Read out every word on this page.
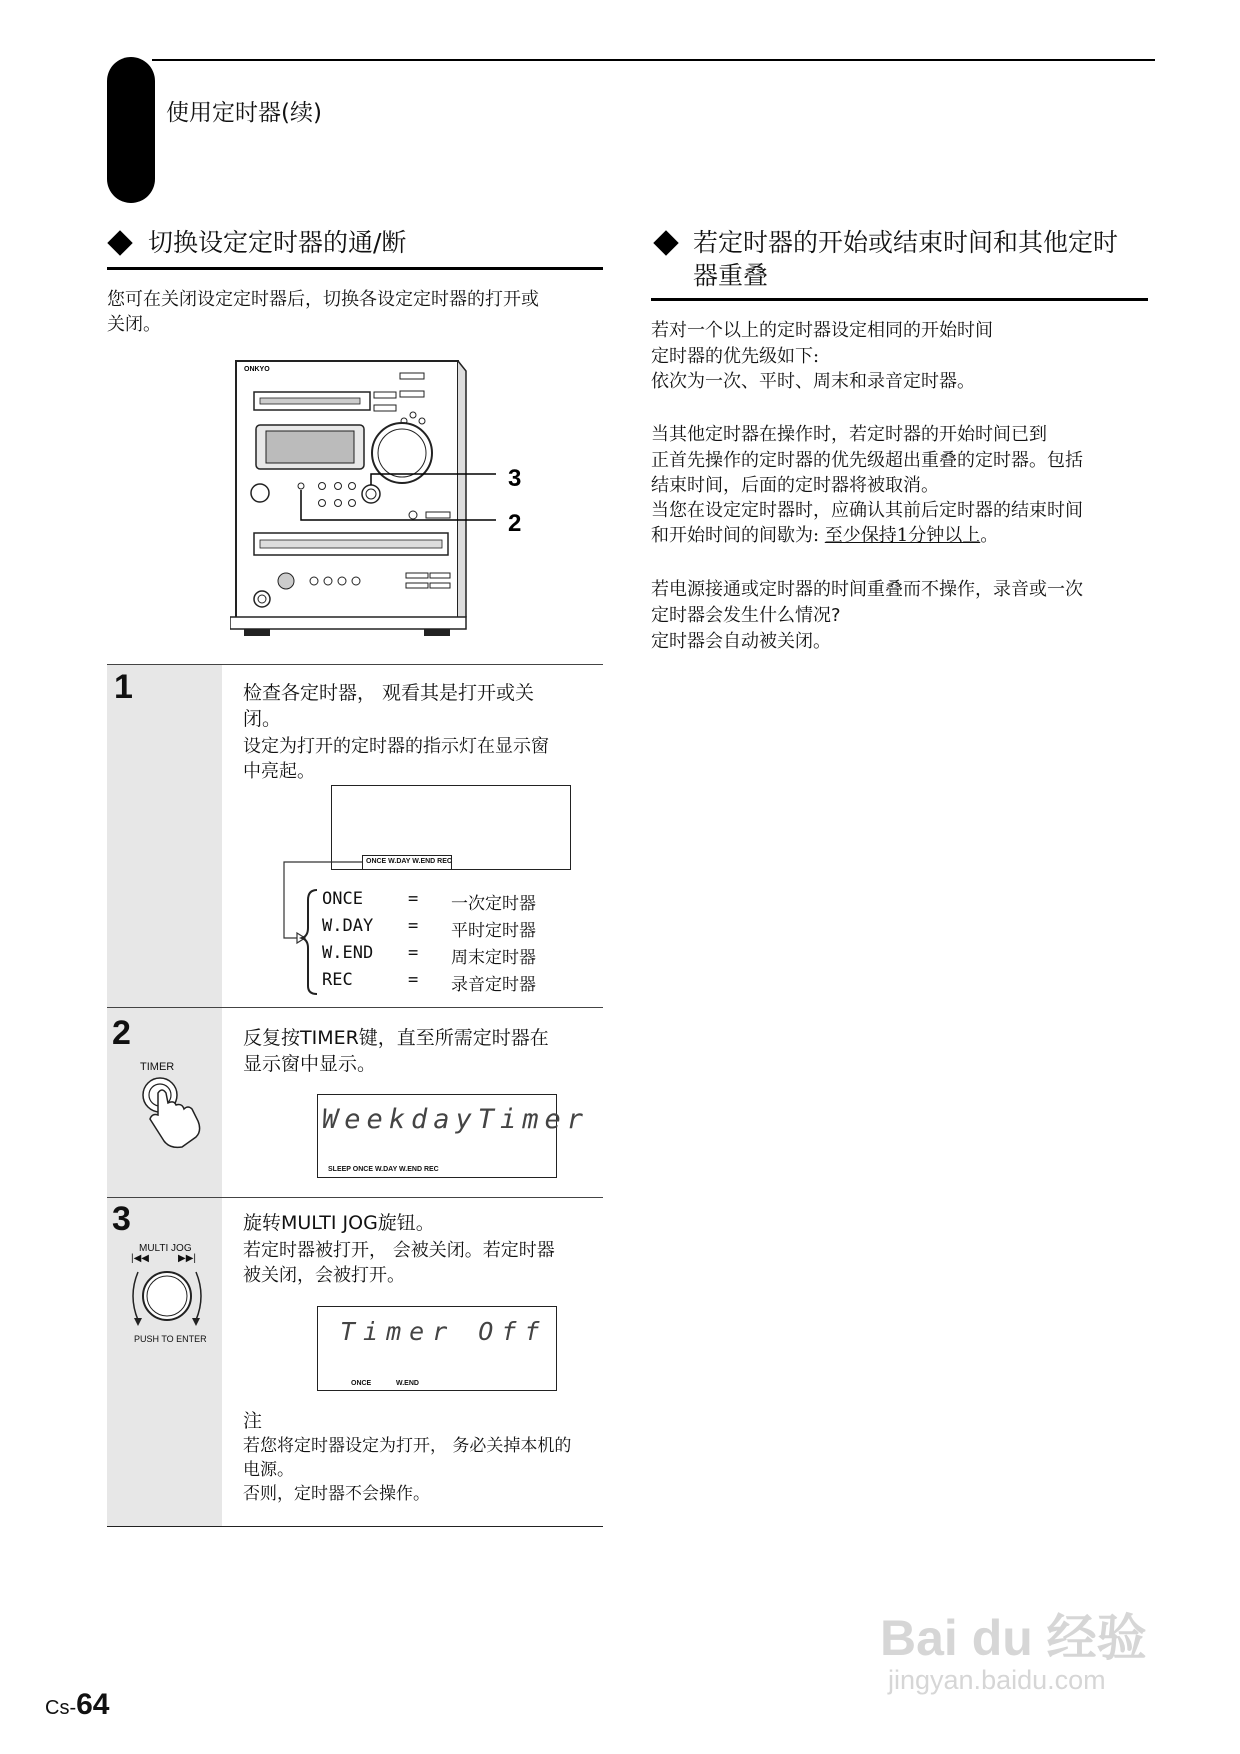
使用定时器(续)
切换设定定时器的通/断
您可在关闭设定定时器后，切换各设定定时器的打开或
关闭。
ONKYO
3
2
1	检查各定时器， 观看其是打开或关
闭。
设定为打开的定时器的指示灯在显示窗
中亮起。
ONCE W.DAY W.END REC
ONCE	= 一次定时器
W.DAY = 平时定时器
W.END = 周末定时器
REC	= 录音定时器
2
TIMER
反复按TIMER键，直至所需定时器在
显示窗中显示。
WeekdayTimer
SLEEP ONCE W.DAY W.END REC
3
MULTI JOG
|◀◀	▶▶|
PUSH TO ENTER
旋转MULTI JOG旋钮。
若定时器被打开， 会被关闭。若定时器
被关闭，会被打开。
Timer Off
ONCE	W.END
注
若您将定时器设定为打开， 务必关掉本机的
电源。
否则，定时器不会操作。
若定时器的开始或结束时间和其他定时
器重叠
若对一个以上的定时器设定相同的开始时间
定时器的优先级如下:
依次为一次、平时、周末和录音定时器。
当其他定时器在操作时，若定时器的开始时间已到
正首先操作的定时器的优先级超出重叠的定时器。包括
结束时间，后面的定时器将被取消。
当您在设定定时器时，应确认其前后定时器的结束时间
和开始时间的间歇为: 至少保持1分钟以上。
若电源接通或定时器的时间重叠而不操作，录音或一次
定时器会发生什么情况?
定时器会自动被关闭。
Cs-64
Bai du 经验
jingyan.baidu.com
